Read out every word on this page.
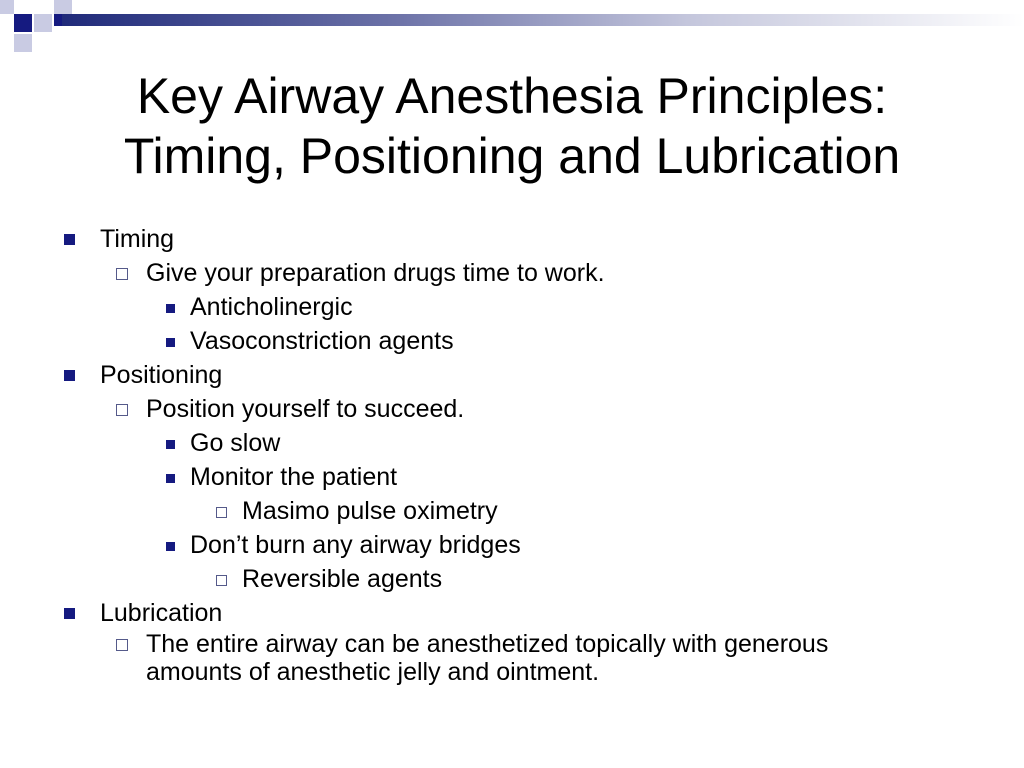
Key Airway Anesthesia Principles:
Timing, Positioning and Lubrication
Timing
Give your preparation drugs time to work.
Anticholinergic
Vasoconstriction agents
Positioning
Position yourself to succeed.
Go slow
Monitor the patient
Masimo pulse oximetry
Don’t burn any airway bridges
Reversible agents
Lubrication
The entire airway can be anesthetized topically with generous
amounts of anesthetic jelly and ointment.
